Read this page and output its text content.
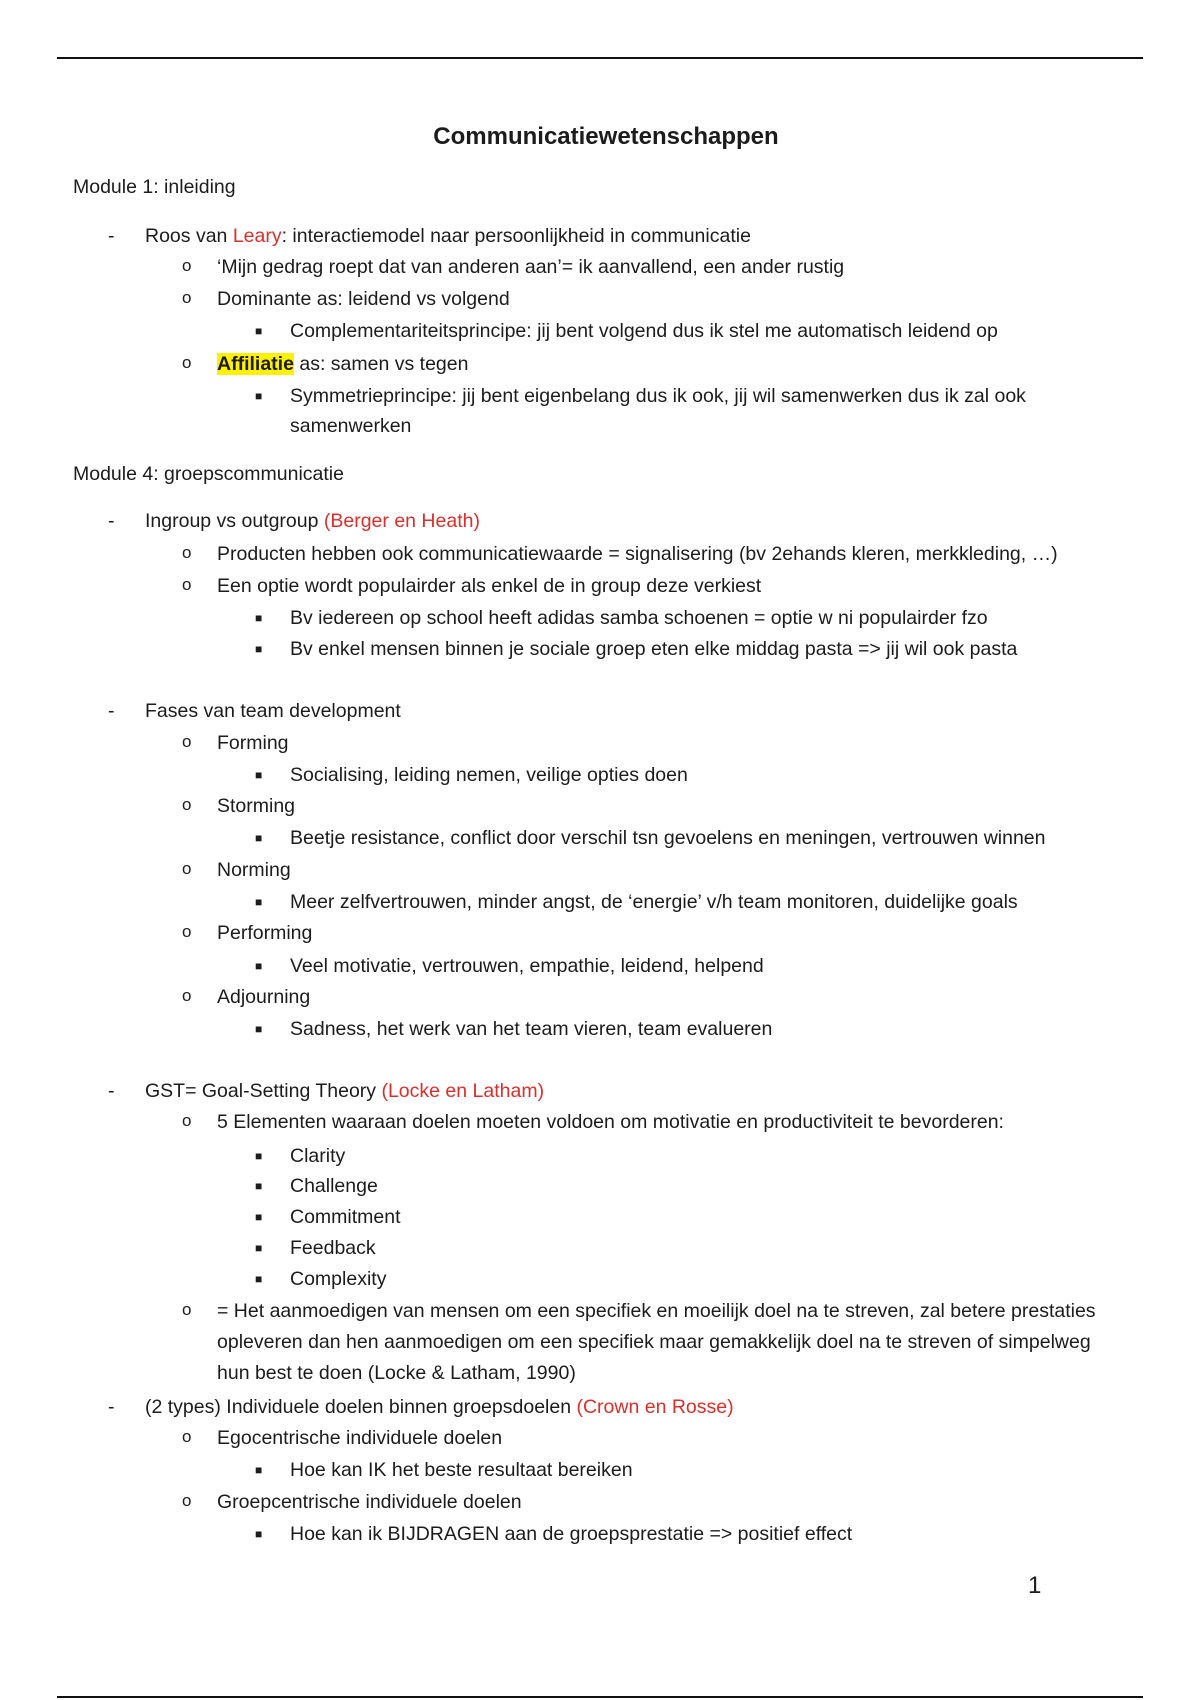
Communicatiewetenschappen
Module 1: inleiding
- Roos van Leary: interactiemodel naar persoonlijkheid in communicatie
o ‘Mijn gedrag roept dat van anderen aan’= ik aanvallend, een ander rustig
o Dominante as: leidend vs volgend
■ Complementariteitsprincipe: jij bent volgend dus ik stel me automatisch leidend op
o Affiliatie as: samen vs tegen
■ Symmetrieprincipe: jij bent eigenbelang dus ik ook, jij wil samenwerken dus ik zal ook
samenwerken
Module 4: groepscommunicatie
- Ingroup vs outgroup (Berger en Heath)
o Producten hebben ook communicatiewaarde = signalisering (bv 2ehands kleren, merkkleding, …)
o Een optie wordt populairder als enkel de in group deze verkiest
■ Bv iedereen op school heeft adidas samba schoenen = optie w ni populairder fzo
■ Bv enkel mensen binnen je sociale groep eten elke middag pasta => jij wil ook pasta
- Fases van team development
o Forming
■ Socialising, leiding nemen, veilige opties doen
o Storming
■ Beetje resistance, conflict door verschil tsn gevoelens en meningen, vertrouwen winnen
o Norming
■ Meer zelfvertrouwen, minder angst, de ‘energie’ v/h team monitoren, duidelijke goals
o Performing
■ Veel motivatie, vertrouwen, empathie, leidend, helpend
o Adjourning
■ Sadness, het werk van het team vieren, team evalueren
- GST= Goal-Setting Theory (Locke en Latham)
o 5 Elementen waaraan doelen moeten voldoen om motivatie en productiviteit te bevorderen:
■ Clarity
■ Challenge
■ Commitment
■ Feedback
■ Complexity
o = Het aanmoedigen van mensen om een specifiek en moeilijk doel na te streven, zal betere prestaties
opleveren dan hen aanmoedigen om een specifiek maar gemakkelijk doel na te streven of simpelweg
hun best te doen (Locke & Latham, 1990)
- (2 types) Individuele doelen binnen groepsdoelen (Crown en Rosse)
o Egocentrische individuele doelen
■ Hoe kan IK het beste resultaat bereiken
o Groepcentrische individuele doelen
■ Hoe kan ik BIJDRAGEN aan de groepsprestatie => positief effect
1
